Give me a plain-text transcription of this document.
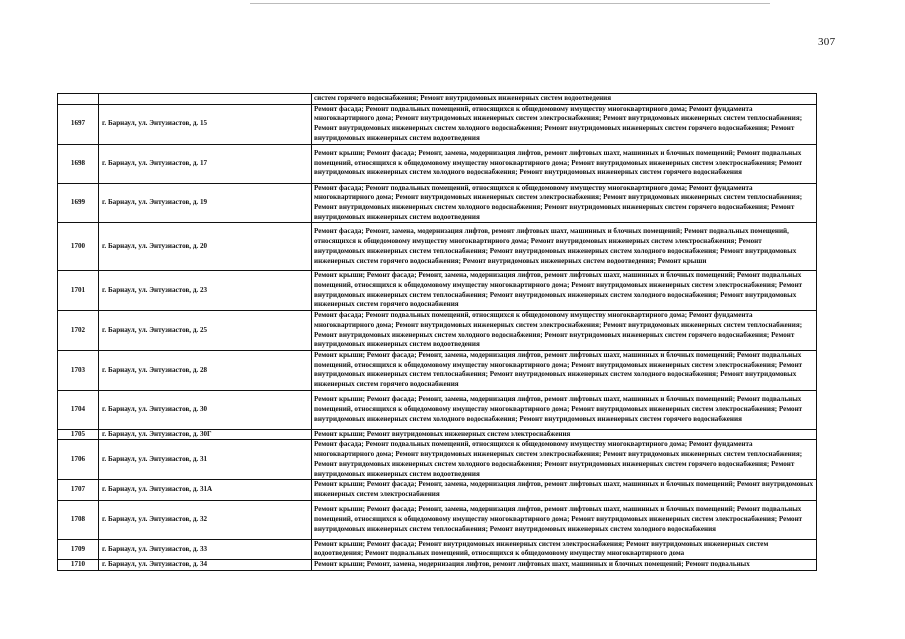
307
		систем горячего водоснабжения; Ремонт внутридомовых инженерных систем водоотведения
1697	г. Барнаул, ул. Энтузиастов, д. 15	Ремонт фасада; Ремонт подвальных помещений, относящихся к общедомовому имуществу многоквартирного дома; Ремонт фундамента многоквартирного дома; Ремонт внутридомовых инженерных систем электроснабжения; Ремонт внутридомовых инженерных систем теплоснабжения; Ремонт внутридомовых инженерных систем холодного водоснабжения; Ремонт внутридомовых инженерных систем горячего водоснабжения; Ремонт внутридомовых инженерных систем водоотведения
1698	г. Барнаул, ул. Энтузиастов, д. 17	Ремонт крыши; Ремонт фасада; Ремонт, замена, модернизация лифтов, ремонт лифтовых шахт, машинных и блочных помещений; Ремонт подвальных помещений, относящихся к общедомовому имуществу многоквартирного дома; Ремонт внутридомовых инженерных систем электроснабжения; Ремонт внутридомовых инженерных систем холодного водоснабжения; Ремонт внутридомовых инженерных систем горячего водоснабжения
1699	г. Барнаул, ул. Энтузиастов, д. 19	Ремонт фасада; Ремонт подвальных помещений, относящихся к общедомовому имуществу многоквартирного дома; Ремонт фундамента многоквартирного дома; Ремонт внутридомовых инженерных систем электроснабжения; Ремонт внутридомовых инженерных систем теплоснабжения; Ремонт внутридомовых инженерных систем холодного водоснабжения; Ремонт внутридомовых инженерных систем горячего водоснабжения; Ремонт внутридомовых инженерных систем водоотведения
1700	г. Барнаул, ул. Энтузиастов, д. 20	Ремонт фасада; Ремонт, замена, модернизация лифтов, ремонт лифтовых шахт, машинных и блочных помещений; Ремонт подвальных помещений, относящихся к общедомовому имуществу многоквартирного дома; Ремонт внутридомовых инженерных систем электроснабжения; Ремонт внутридомовых инженерных систем теплоснабжения; Ремонт внутридомовых инженерных систем холодного водоснабжения; Ремонт внутридомовых инженерных систем горячего водоснабжения; Ремонт внутридомовых инженерных систем водоотведения; Ремонт крыши
1701	г. Барнаул, ул. Энтузиастов, д. 23	Ремонт крыши; Ремонт фасада; Ремонт, замена, модернизация лифтов, ремонт лифтовых шахт, машинных и блочных помещений; Ремонт подвальных помещений, относящихся к общедомовому имуществу многоквартирного дома; Ремонт внутридомовых инженерных систем электроснабжения; Ремонт внутридомовых инженерных систем теплоснабжения; Ремонт внутридомовых инженерных систем холодного водоснабжения; Ремонт внутридомовых инженерных систем горячего водоснабжения
1702	г. Барнаул, ул. Энтузиастов, д. 25	Ремонт фасада; Ремонт подвальных помещений, относящихся к общедомовому имуществу многоквартирного дома; Ремонт фундамента многоквартирного дома; Ремонт внутридомовых инженерных систем электроснабжения; Ремонт внутридомовых инженерных систем теплоснабжения; Ремонт внутридомовых инженерных систем холодного водоснабжения; Ремонт внутридомовых инженерных систем горячего водоснабжения; Ремонт внутридомовых инженерных систем водоотведения
1703	г. Барнаул, ул. Энтузиастов, д. 28	Ремонт крыши; Ремонт фасада; Ремонт, замена, модернизация лифтов, ремонт лифтовых шахт, машинных и блочных помещений; Ремонт подвальных помещений, относящихся к общедомовому имуществу многоквартирного дома; Ремонт внутридомовых инженерных систем электроснабжения; Ремонт внутридомовых инженерных систем теплоснабжения; Ремонт внутридомовых инженерных систем холодного водоснабжения; Ремонт внутридомовых инженерных систем горячего водоснабжения
1704	г. Барнаул, ул. Энтузиастов, д. 30	Ремонт крыши; Ремонт фасада; Ремонт, замена, модернизация лифтов, ремонт лифтовых шахт, машинных и блочных помещений; Ремонт подвальных помещений, относящихся к общедомовому имуществу многоквартирного дома; Ремонт внутридомовых инженерных систем электроснабжения; Ремонт внутридомовых инженерных систем холодного водоснабжения; Ремонт внутридомовых инженерных систем горячего водоснабжения
1705	г. Барнаул, ул. Энтузиастов, д. 30Г	Ремонт крыши; Ремонт внутридомовых инженерных систем электроснабжения
1706	г. Барнаул, ул. Энтузиастов, д. 31	Ремонт фасада; Ремонт подвальных помещений, относящихся к общедомовому имуществу многоквартирного дома; Ремонт фундамента многоквартирного дома; Ремонт внутридомовых инженерных систем электроснабжения; Ремонт внутридомовых инженерных систем теплоснабжения; Ремонт внутридомовых инженерных систем холодного водоснабжения; Ремонт внутридомовых инженерных систем горячего водоснабжения; Ремонт внутридомовых инженерных систем водоотведения
1707	г. Барнаул, ул. Энтузиастов, д. 31А	Ремонт крыши; Ремонт фасада; Ремонт, замена, модернизация лифтов, ремонт лифтовых шахт, машинных и блочных помещений; Ремонт внутридомовых инженерных систем электроснабжения
1708	г. Барнаул, ул. Энтузиастов, д. 32	Ремонт крыши; Ремонт фасада; Ремонт, замена, модернизация лифтов, ремонт лифтовых шахт, машинных и блочных помещений; Ремонт подвальных помещений, относящихся к общедомовому имуществу многоквартирного дома; Ремонт внутридомовых инженерных систем электроснабжения; Ремонт внутридомовых инженерных систем теплоснабжения; Ремонт внутридомовых инженерных систем холодного водоснабжения
1709	г. Барнаул, ул. Энтузиастов, д. 33	Ремонт крыши; Ремонт фасада; Ремонт внутридомовых инженерных систем электроснабжения; Ремонт внутридомовых инженерных систем водоотведения; Ремонт подвальных помещений, относящихся к общедомовому имуществу многоквартирного дома
1710	г. Барнаул, ул. Энтузиастов, д. 34	Ремонт крыши; Ремонт, замена, модернизация лифтов, ремонт лифтовых шахт, машинных и блочных помещений; Ремонт подвальных
